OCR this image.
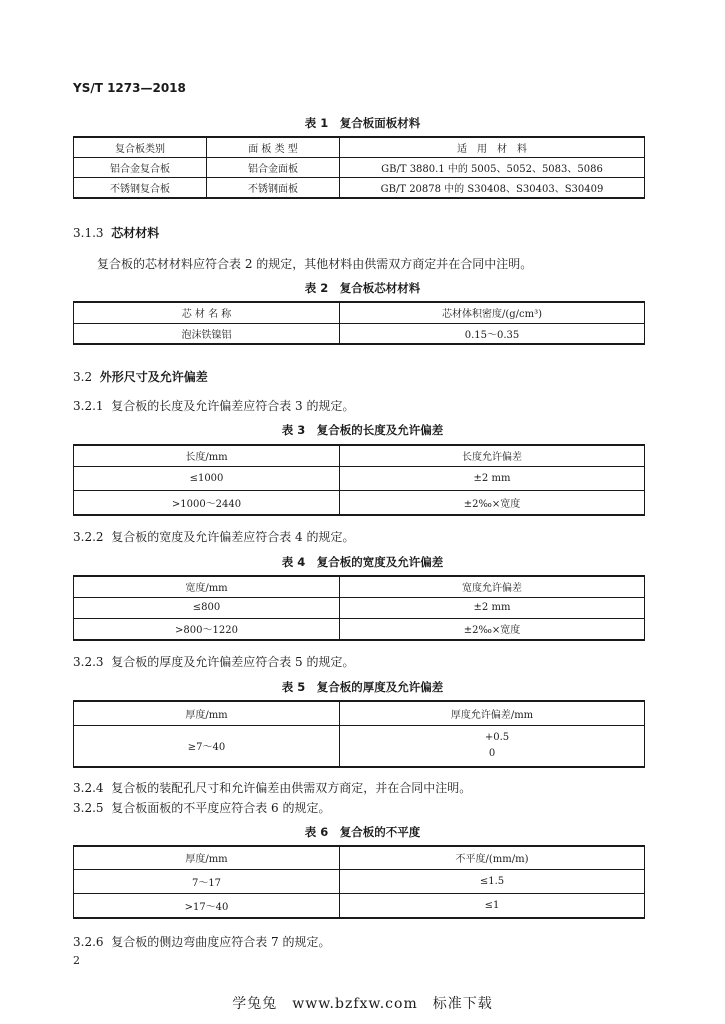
YS/T 1273—2018
表 1　复合板面板材料
复合板类别	面 板 类 型	适　用　材　料
铝合金复合板	铝合金面板	GB/T 3880.1 中的 5005、5052、5083、5086
不锈钢复合板	不锈钢面板	GB/T 20878 中的 S30408、S30403、S30409
3.1.3 芯材材料
复合板的芯材材料应符合表 2 的规定，其他材料由供需双方商定并在合同中注明。
表 2　复合板芯材材料
芯 材 名 称	芯材体积密度/(g/cm³)
泡沫铁镍铝	0.15～0.35
3.2 外形尺寸及允许偏差
3.2.1 复合板的长度及允许偏差应符合表 3 的规定。
表 3　复合板的长度及允许偏差
长度/mm	长度允许偏差
≤1000	±2 mm
>1000～2440	±2‰×宽度
3.2.2 复合板的宽度及允许偏差应符合表 4 的规定。
表 4　复合板的宽度及允许偏差
宽度/mm	宽度允许偏差
≤800	±2 mm
>800～1220	±2‰×宽度
3.2.3 复合板的厚度及允许偏差应符合表 5 的规定。
表 5　复合板的厚度及允许偏差
厚度/mm	厚度允许偏差/mm
≥7～40	+0.5
0
3.2.4 复合板的装配孔尺寸和允许偏差由供需双方商定，并在合同中注明。
3.2.5 复合板面板的不平度应符合表 6 的规定。
表 6　复合板的不平度
厚度/mm	不平度/(mm/m)
7～17	≤1.5
>17～40	≤1
3.2.6 复合板的侧边弯曲度应符合表 7 的规定。
2
学兔兔　www.bzfxw.com　标准下载
